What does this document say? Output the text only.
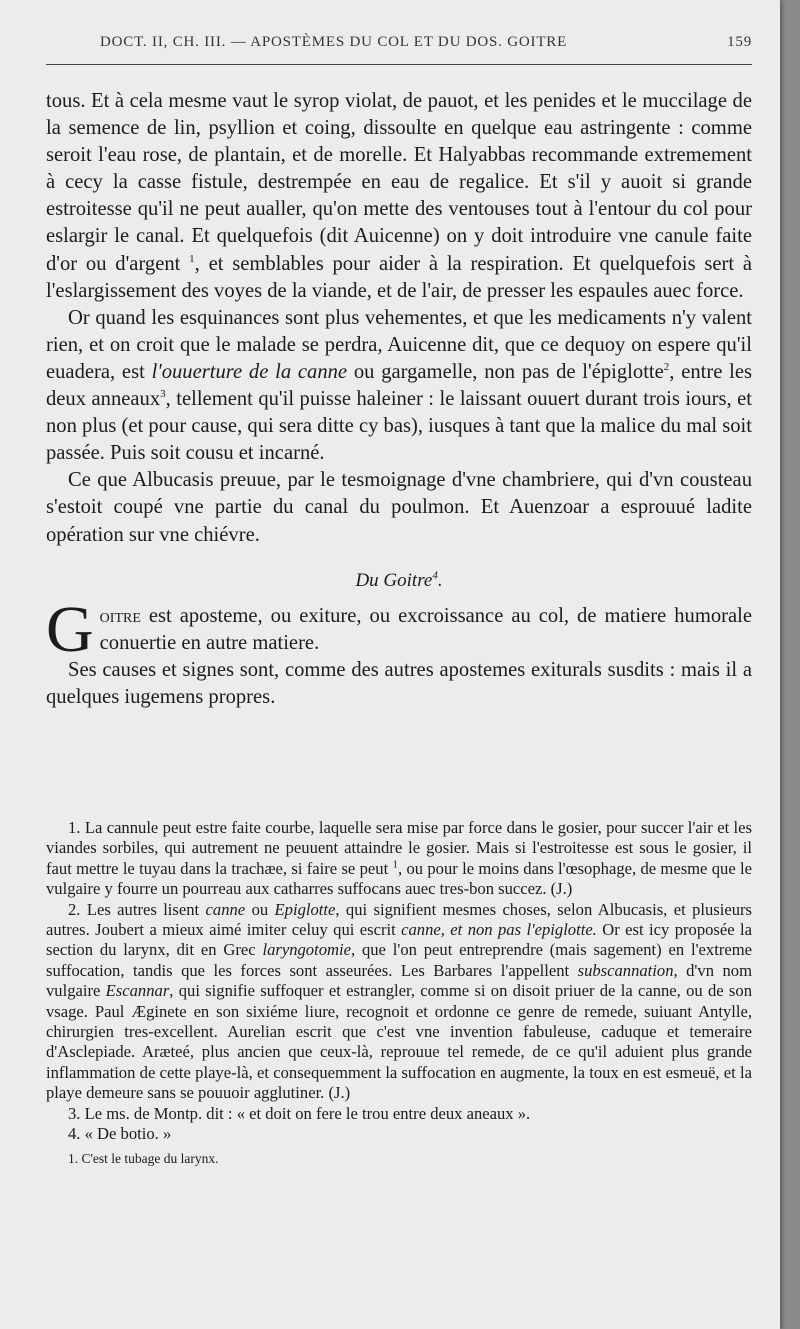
DOCT. II, CH. III. — APOSTÈMES DU COL ET DU DOS. GOITRE	159

tous. Et à cela mesme vaut le syrop violat, de pauot, et les penides et le muccilage de la semence de lin, psyllion et coing, dissoulte en quelque eau astringente : comme seroit l'eau rose, de plantain, et de morelle. Et Halyabbas recommande extremement à cecy la casse fistule, destrempée en eau de regalice. Et s'il y auoit si grande estroitesse qu'il ne peut aualler, qu'on mette des ventouses tout à l'entour du col pour eslargir le canal. Et quelquefois (dit Auicenne) on y doit introduire vne canule faite d'or ou d'argent $^1$, et semblables pour aider à la respiration. Et quelquefois sert à l'eslargissement des voyes de la viande, et de l'air, de presser les espaules auec force.

Or quand les esquinances sont plus vehementes, et que les medicaments n'y valent rien, et on croit que le malade se perdra, Auicenne dit, que ce dequoy on espere qu'il euadera, est l'ouuerture de la canne ou gargamelle, non pas de l'épiglotte$^2$, entre les deux anneaux$^3$, tellement qu'il puisse haleiner : le laissant ouuert durant trois iours, et non plus (et pour cause, qui sera ditte cy bas), iusques à tant que la malice du mal soit passée. Puis soit cousu et incarné.

Ce que Albucasis preuue, par le tesmoignage d'vne chambriere, qui d'vn cousteau s'estoit coupé vne partie du canal du poulmon. Et Auenzoar a esprouué ladite opération sur vne chiévre.

Du Goitre$^4$.

Goitre est aposteme, ou exiture, ou excroissance au col, de matiere humorale conuertie en autre matiere.

Ses causes et signes sont, comme des autres apostemes exiturals susdits : mais il a quelques iugemens propres.

1. La cannule peut estre faite courbe, laquelle sera mise par force dans le gosier, pour succer l'air et les viandes sorbiles, qui autrement ne peuuent attaindre le gosier. Mais si l'estroitesse est sous le gosier, il faut mettre le tuyau dans la trachæe, si faire se peut $^1$, ou pour le moins dans l'œsophage, de mesme que le vulgaire y fourre un pourreau aux catharres suffocans auec tres-bon succez. (J.)

2. Les autres lisent canne ou Epiglotte, qui signifient mesmes choses, selon Albucasis, et plusieurs autres. Joubert a mieux aimé imiter celuy qui escrit canne, et non pas l'epiglotte. Or est icy proposée la section du larynx, dit en Grec laryngotomie, que l'on peut entreprendre (mais sagement) en l'extreme suffocation, tandis que les forces sont asseurées. Les Barbares l'appellent subscannation, d'vn nom vulgaire Escannar, qui signifie suffoquer et estrangler, comme si on disoit priuer de la canne, ou de son vsage. Paul Æginete en son sixiéme liure, recognoit et ordonne ce genre de remede, suiuant Antylle, chirurgien tres-excellent. Aurelian escrit que c'est vne invention fabuleuse, caduque et temeraire d'Asclepiade. Aræteé, plus ancien que ceux-là, reprouue tel remede, de ce qu'il aduient plus grande inflammation de cette playe-là, et consequemment la suffocation en augmente, la toux en est esmeuë, et la playe demeure sans se pouuoir agglutiner. (J.)

3. Le ms. de Montp. dit : « et doit on fere le trou entre deux aneaux ».

4. « De botio. »

1. C'est le tubage du larynx.
